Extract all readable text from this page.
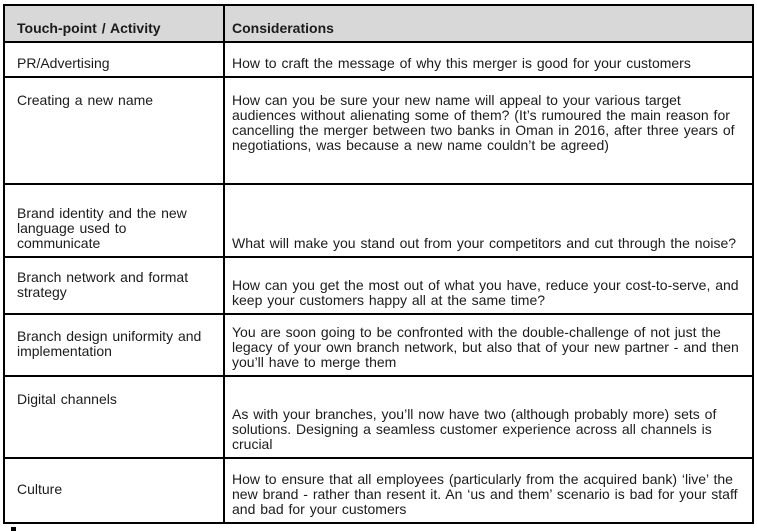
Touch-point / Activity	Considerations
PR/Advertising	How to craft the message of why this merger is good for your customers
Creating a new name	How can you be sure your new name will appeal to your various target audiences without alienating some of them? (It’s rumoured the main reason for cancelling the merger between two banks in Oman in 2016, after three years of negotiations, was because a new name couldn’t be agreed)
Brand identity and the new language used to communicate	What will make you stand out from your competitors and cut through the noise?
Branch network and format strategy	How can you get the most out of what you have, reduce your cost-to-serve, and keep your customers happy all at the same time?
Branch design uniformity and implementation	You are soon going to be confronted with the double-challenge of not just the legacy of your own branch network, but also that of your new partner - and then you’ll have to merge them
Digital channels	As with your branches, you’ll now have two (although probably more) sets of solutions. Designing a seamless customer experience across all channels is crucial
Culture	How to ensure that all employees (particularly from the acquired bank) ‘live’ the new brand - rather than resent it. An ‘us and them’ scenario is bad for your staff and bad for your customers
